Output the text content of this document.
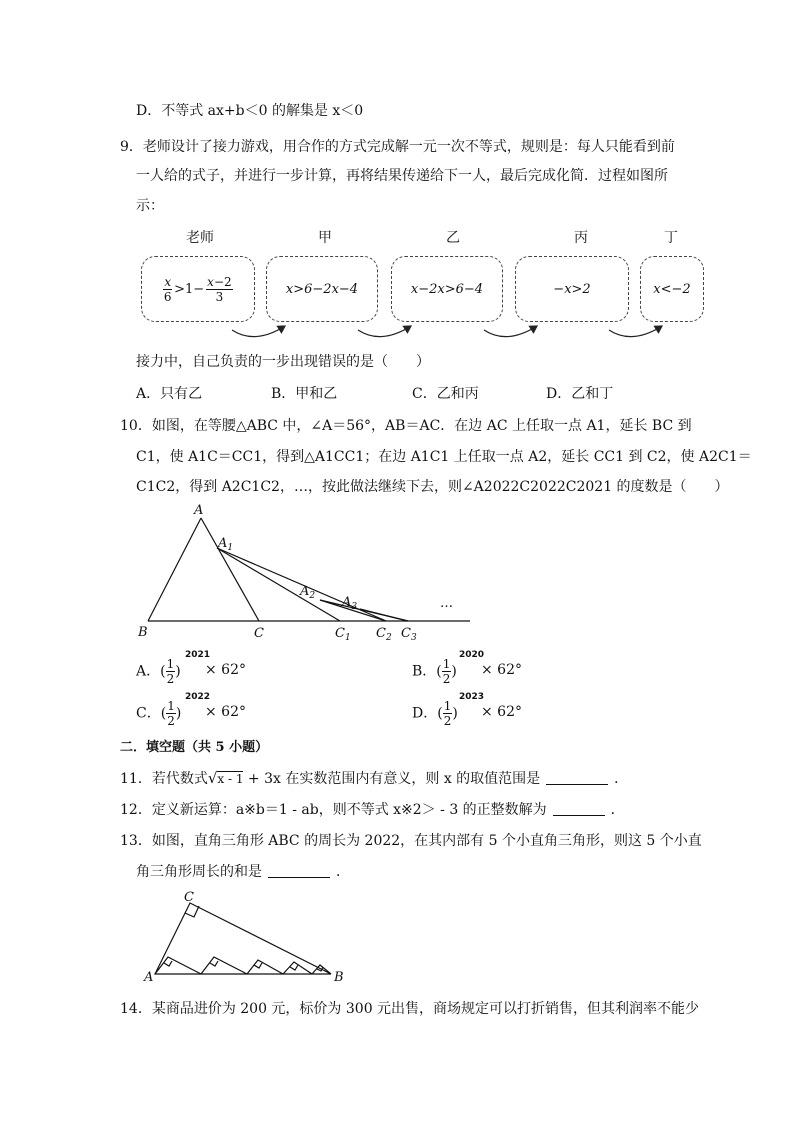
D．不等式 ax+b＜0 的解集是 x＜0
9．老师设计了接力游戏，用合作的方式完成解一元一次不等式，规则是：每人只能看到前
一人给的式子，并进行一步计算，再将结果传递给下一人，最后完成化简．过程如图所
示：
老师	甲	乙	丙	丁
$\frac{x}{6} >1- \frac{x-2}{3}$	x>6−2x−4	x−2x>6−4	−x>2	x<−2
接力中，自己负责的一步出现错误的是（　　）
A．只有乙	B．甲和乙	C．乙和丙	D．乙和丁
10．如图，在等腰△ABC 中，∠A＝56°，AB＝AC．在边 AC 上任取一点 A1，延长 BC 到
C1，使 A1C＝CC1，得到△A1CC1；在边 A1C1 上任取一点 A2，延长 CC1 到 C2，使 A2C1＝
C1C2，得到 A2C1C2，…，按此做法继续下去，则∠A2022C2022C2021 的度数是（　　）
A
$A_1$
$A_2$ $A_3$
B	C	$C_1$ $C_2$ $C_3$
…
A．( $\frac{1}{2}$ )
2021
× 62°	B．( $\frac{1}{2}$ )
2020
× 62°
C．( $\frac{1}{2}$ )
2022
× 62°	D．( $\frac{1}{2}$ )
2023
× 62°
二．填空题（共 5 小题）
11．若代数式√x - 1 + 3x 在实数范围内有意义，则 x 的取值范围是	．
12．定义新运算：a※b＝1 - ab，则不等式 x※2＞ - 3 的正整数解为	．
13．如图，直角三角形 ABC 的周长为 2022，在其内部有 5 个小直角三角形，则这 5 个小直
角三角形周长的和是	．
C
A	B
14．某商品进价为 200 元，标价为 300 元出售，商场规定可以打折销售，但其利润率不能少
